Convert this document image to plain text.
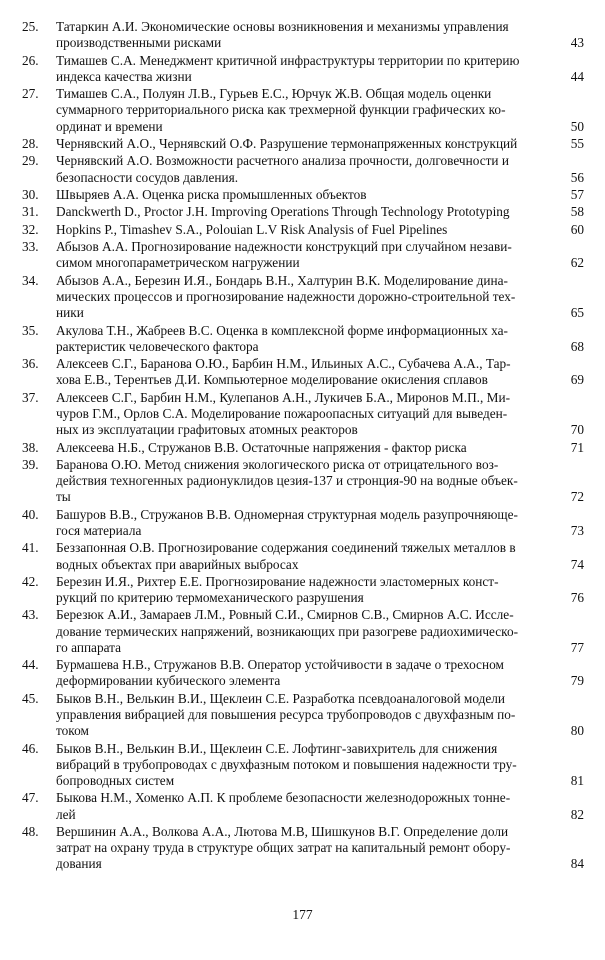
25.	Татаркин А.И. Экономические основы возникновения и механизмы управления
производственными рисками	43
26.	Тимашев С.А. Менеджмент критичной инфраструктуры территории по критерию
индекса качества жизни	44
27.	Тимашев С.А., Полуян Л.В., Гурьев Е.С., Юрчук Ж.В. Общая модель оценки
суммарного территориального риска как трехмерной функции графических ко-
ординат и времени	50
28.	Чернявский А.О., Чернявский О.Ф. Разрушение термонапряженных конструкций	55
29.	Чернявский А.О. Возможности расчетного анализа прочности, долговечности и
безопасности сосудов давления.	56
30.	Швыряев А.А. Оценка риска промышленных объектов	57
31.	Danckwerth D., Proctor J.H. Improving Operations Through Technology Prototyping	58
32.	Hopkins P., Timashev S.A., Polouian L.V Risk Analysis of Fuel Pipelines	60
33.	Абызов А.А. Прогнозирование надежности конструкций при случайном незави-
симом многопараметрическом нагружении	62
34.	Абызов А.А., Березин И.Я., Бондарь В.Н., Халтурин В.К. Моделирование дина-
мических процессов и прогнозирование надежности дорожно-строительной тех-
ники	65
35.	Акулова Т.Н., Жабреев В.С. Оценка в комплексной форме информационных ха-
рактеристик человеческого фактора	68
36.	Алексеев С.Г., Баранова О.Ю., Барбин Н.М., Ильиных А.С., Субачева А.А., Тар-
хова Е.В., Терентьев Д.И. Компьютерное моделирование окисления сплавов	69
37.	Алексеев С.Г., Барбин Н.М., Кулепанов А.Н., Лукичев Б.А., Миронов М.П., Ми-
чуров Г.М., Орлов С.А. Моделирование пожароопасных ситуаций для выведен-
ных из эксплуатации графитовых атомных реакторов	70
38.	Алексеева Н.Б., Стружанов В.В. Остаточные напряжения - фактор риска	71
39.	Баранова О.Ю. Метод снижения экологического риска от отрицательного воз-
действия техногенных радионуклидов цезия-137 и стронция-90 на водные объек-
ты	72
40.	Башуров В.В., Стружанов В.В. Одномерная структурная модель разупрочняюще-
гося материала	73
41.	Беззапонная О.В. Прогнозирование содержания соединений тяжелых металлов в
водных объектах при аварийных выбросах	74
42.	Березин И.Я., Рихтер Е.Е. Прогнозирование надежности эластомерных конст-
рукций по критерию термомеханического разрушения	76
43.	Березюк А.И., Замараев Л.М., Ровный С.И., Смирнов С.В., Смирнов А.С. Иссле-
дование термических напряжений, возникающих при разогреве радиохимическо-
го аппарата	77
44.	Бурмашева Н.В., Стружанов В.В. Оператор устойчивости в задаче о трехосном
деформировании кубического элемента	79
45.	Быков В.Н., Велькин В.И., Щеклеин С.Е. Разработка псевдоаналоговой модели
управления вибрацией для повышения ресурса трубопроводов с двухфазным по-
током	80
46.	Быков В.Н., Велькин В.И., Щеклеин С.Е. Лофтинг-завихритель для снижения
вибраций в трубопроводах с двухфазным потоком и повышения надежности тру-
бопроводных систем	81
47.	Быкова Н.М., Хоменко А.П. К проблеме безопасности железнодорожных тонне-
лей	82
48.	Вершинин А.А., Волкова А.А., Лютова М.В, Шишкунов В.Г. Определение доли
затрат на охрану труда в структуре общих затрат на капитальный ремонт обору-
дования	84
177
